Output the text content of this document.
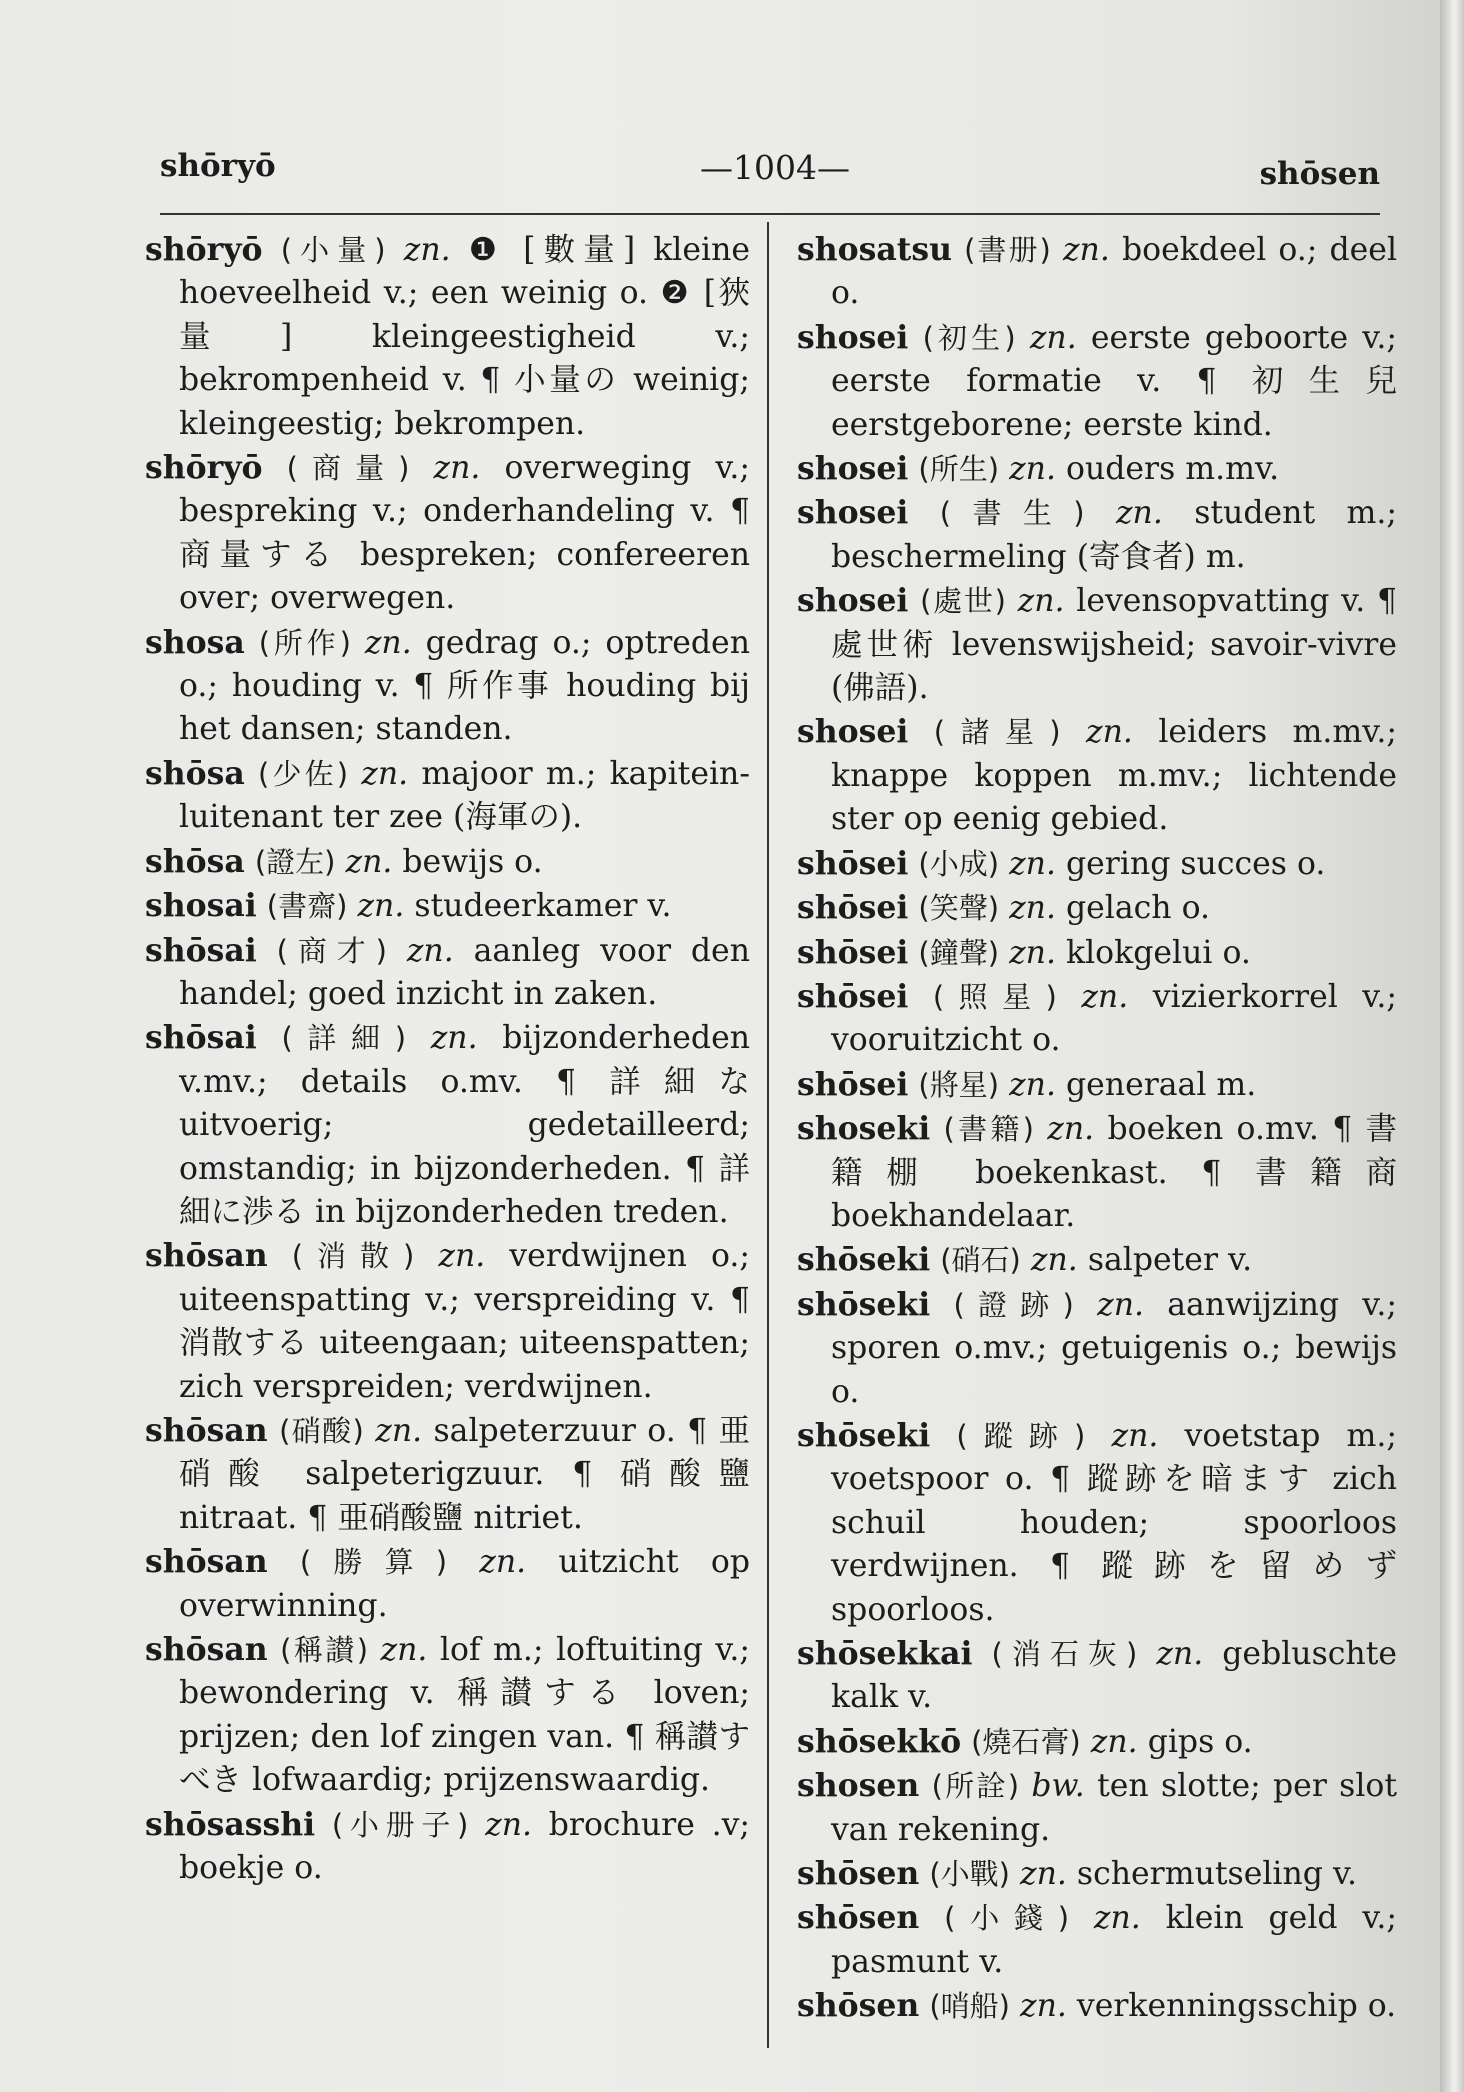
shōryō	—1004—	shōsen

shōryō (小量) zn. ❶ [數量] kleine hoeveelheid v.; een weinig o. ❷ [狹量] kleingeestigheid v.; bekrompenheid v. ¶ 小量の weinig; kleingeestig; bekrompen.

shōryō (商量) zn. overweging v.; bespreking v.; onderhandeling v. ¶ 商量する bespreken; confereeren over; overwegen.

shosa (所作) zn. gedrag o.; optreden o.; houding v. ¶ 所作事 houding bij het dansen; standen.

shōsa (少佐) zn. majoor m.; kapitein-luitenant ter zee (海軍の).

shōsa (證左) zn. bewijs o.

shosai (書齋) zn. studeerkamer v.

shōsai (商才) zn. aanleg voor den handel; goed inzicht in zaken.

shōsai (詳細) zn. bijzonderheden v.mv.; details o.mv. ¶ 詳細な uitvoerig; gedetailleerd; omstandig; in bijzonderheden. ¶ 詳細に渉る in bijzonderheden treden.

shōsan (消散) zn. verdwijnen o.; uiteenspatting v.; verspreiding v. ¶ 消散する uiteengaan; uiteenspatten; zich verspreiden; verdwijnen.

shōsan (硝酸) zn. salpeterzuur o. ¶ 亜硝酸 salpeterigzuur. ¶ 硝酸鹽 nitraat. ¶ 亜硝酸鹽 nitriet.

shōsan (勝算) zn. uitzicht op overwinning.

shōsan (稱讃) zn. lof m.; loftuiting v.; bewondering v. 稱讃する loven; prijzen; den lof zingen van. ¶ 稱讃すべき lofwaardig; prijzenswaardig.

shōsasshi (小册子) zn. brochure .v; boekje o.

shosatsu (書册) zn. boekdeel o.; deel o.

shosei (初生) zn. eerste geboorte v.; eerste formatie v. ¶ 初生兒 eerstgeborene; eerste kind.

shosei (所生) zn. ouders m.mv.

shosei (書生) zn. student m.; beschermeling (寄食者) m.

shosei (處世) zn. levensopvatting v. ¶ 處世術 levenswijsheid; savoir-vivre (佛語).

shosei (諸星) zn. leiders m.mv.; knappe koppen m.mv.; lichtende ster op eenig gebied.

shōsei (小成) zn. gering succes o.

shōsei (笑聲) zn. gelach o.

shōsei (鐘聲) zn. klokgelui o.

shōsei (照星) zn. vizierkorrel v.; vooruitzicht o.

shōsei (將星) zn. generaal m.

shoseki (書籍) zn. boeken o.mv. ¶ 書籍棚 boekenkast. ¶ 書籍商 boekhandelaar.

shōseki (硝石) zn. salpeter v.

shōseki (證跡) zn. aanwijzing v.; sporen o.mv.; getuigenis o.; bewijs o.

shōseki (蹤跡) zn. voetstap m.; voetspoor o. ¶ 蹤跡を暗ます zich schuil houden; spoorloos verdwijnen. ¶ 蹤跡を留めず spoorloos.

shōsekkai (消石灰) zn. gebluschte kalk v.

shōsekkō (燒石膏) zn. gips o.

shosen (所詮) bw. ten slotte; per slot van rekening.

shōsen (小戰) zn. schermutseling v.

shōsen (小錢) zn. klein geld v.; pasmunt v.

shōsen (哨船) zn. verkenningsschip o.
